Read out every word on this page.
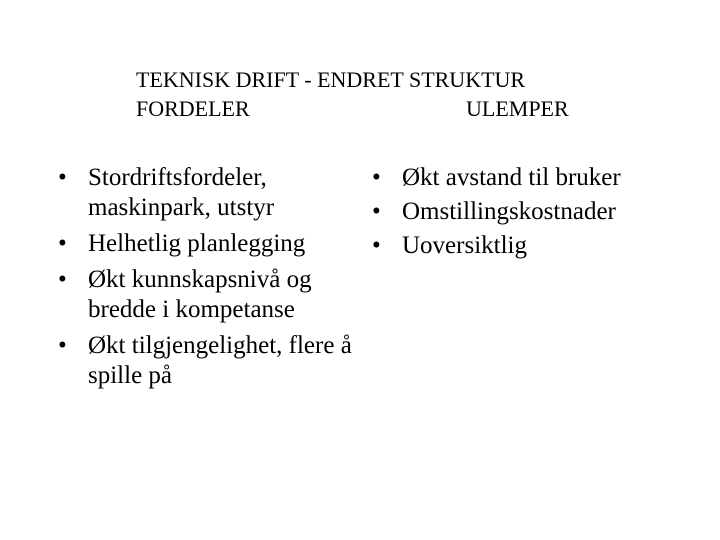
TEKNISK DRIFT - ENDRET STRUKTUR
FORDELER	ULEMPER
• Stordriftsfordeler, maskinpark, utstyr
• Helhetlig planlegging
• Økt kunnskapsnivå og bredde i kompetanse
• Økt tilgjengelighet, flere å spille på
• Økt avstand til bruker
• Omstillingskostnader
• Uoversiktlig
